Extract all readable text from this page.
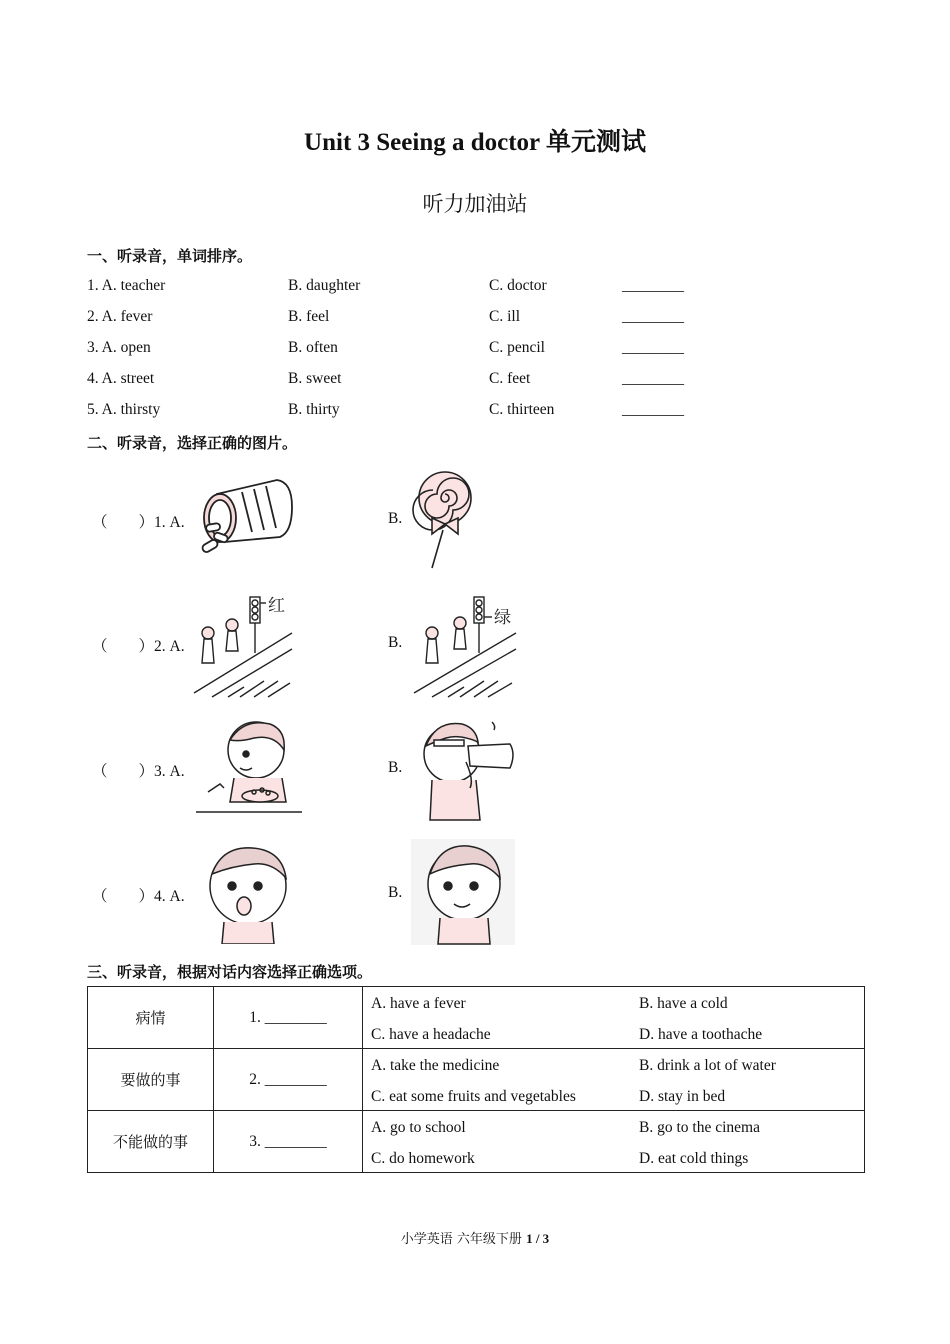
Unit 3 Seeing a doctor 单元测试
听力加油站
一、听录音，单词排序。
1. A. teacher	B. daughter	C. doctor	________
2. A. fever	B. feel	C. ill	________
3. A. open	B. often	C. pencil	________
4. A. street	B. sweet	C. feet	________
5. A. thirsty	B. thirty	C. thirteen	________
二、听录音，选择正确的图片。
（　　）1. A.	B.
（　　）2. A.
红
B.
绿
（　　）3. A.	B.
（　　）4. A.	B.
三、听录音，根据对话内容选择正确选项。
病情	1. ________	A. have a fever B. have a cold
C. have a headache D. have a toothache

要做的事	2. ________	A. take the medicine B. drink a lot of water
C. eat some fruits and vegetables D. stay in bed

不能做的事	3. ________	A. go to school B. go to the cinema
C. do homework D. eat cold things
小学英语 六年级下册 1 / 3
